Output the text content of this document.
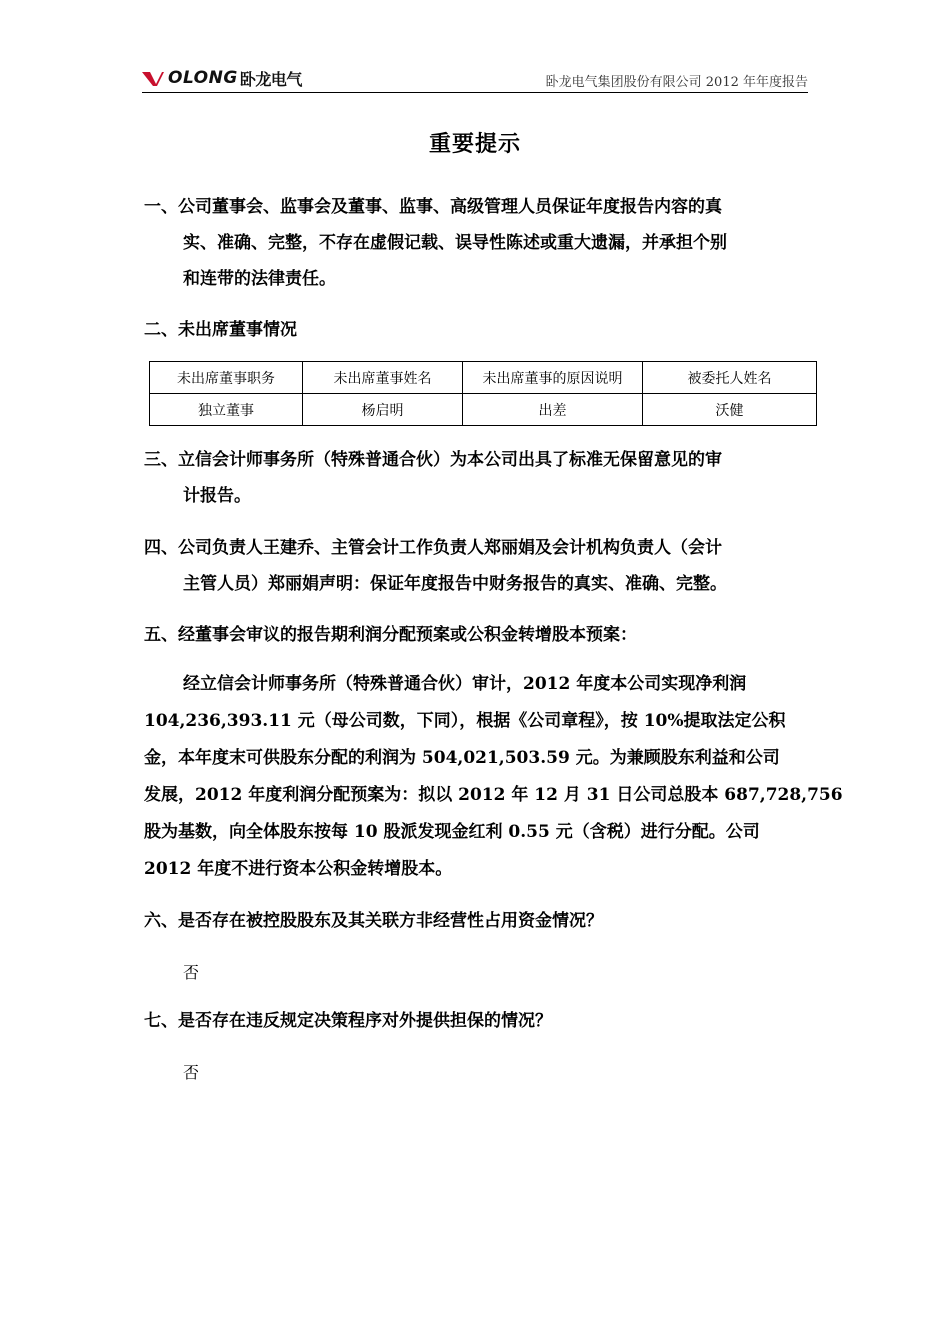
OLONG 卧龙电气	卧龙电气集团股份有限公司 2012 年年度报告
重要提示
一、公司董事会、监事会及董事、监事、高级管理人员保证年度报告内容的真
实、准确、完整，不存在虚假记载、误导性陈述或重大遗漏，并承担个别
和连带的法律责任。
二、未出席董事情况
未出席董事职务	未出席董事姓名	未出席董事的原因说明	被委托人姓名
独立董事	杨启明	出差	沃健
三、立信会计师事务所（特殊普通合伙）为本公司出具了标准无保留意见的审
计报告。
四、公司负责人王建乔、主管会计工作负责人郑丽娟及会计机构负责人（会计
主管人员）郑丽娟声明：保证年度报告中财务报告的真实、准确、完整。
五、经董事会审议的报告期利润分配预案或公积金转增股本预案：
经立信会计师事务所（特殊普通合伙）审计，2012 年度本公司实现净利润
104,236,393.11 元（母公司数，下同），根据《公司章程》，按 10%提取法定公积
金，本年度末可供股东分配的利润为 504,021,503.59 元。为兼顾股东利益和公司
发展，2012 年度利润分配预案为：拟以 2012 年 12 月 31 日公司总股本 687,728,756
股为基数，向全体股东按每 10 股派发现金红利 0.55 元（含税）进行分配。公司
2012 年度不进行资本公积金转增股本。
六、是否存在被控股股东及其关联方非经营性占用资金情况？
否
七、是否存在违反规定决策程序对外提供担保的情况？
否
